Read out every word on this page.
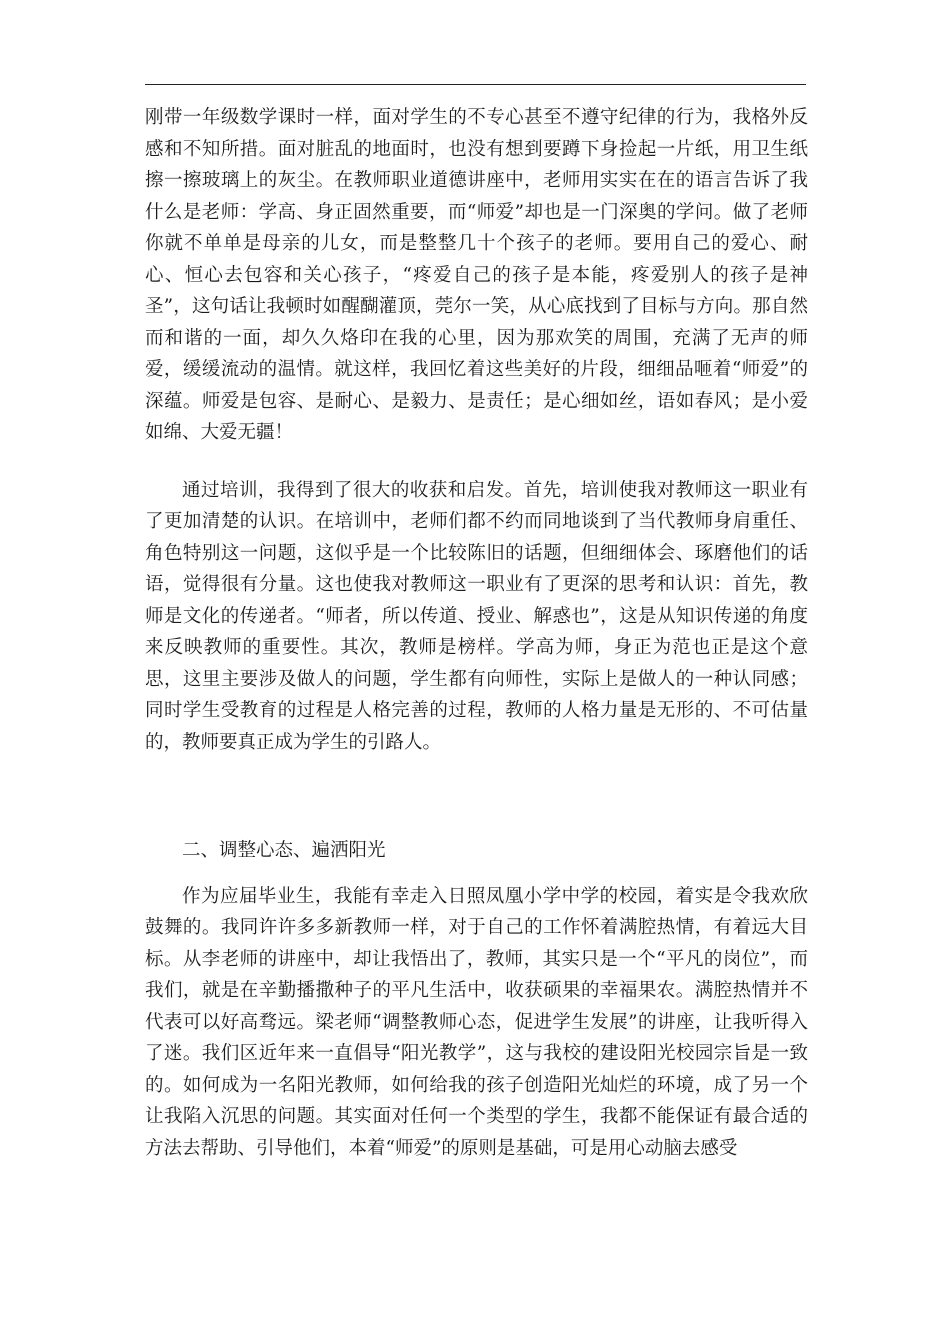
刚带一年级数学课时一样，面对学生的不专心甚至不遵守纪律的行为，我格外反感和不知所措。面对脏乱的地面时，也没有想到要蹲下身捡起一片纸，用卫生纸擦一擦玻璃上的灰尘。在教师职业道德讲座中，老师用实实在在的语言告诉了我什么是老师：学高、身正固然重要，而“师爱”却也是一门深奥的学问。做了老师你就不单单是母亲的儿女，而是整整几十个孩子的老师。要用自己的爱心、耐心、恒心去包容和关心孩子，“疼爱自己的孩子是本能，疼爱别人的孩子是神圣”，这句话让我顿时如醒醐灌顶，莞尔一笑，从心底找到了目标与方向。那自然而和谐的一面，却久久烙印在我的心里，因为那欢笑的周围，充满了无声的师爱，缓缓流动的温情。就这样，我回忆着这些美好的片段，细细品咂着“师爱”的深蕴。师爱是包容、是耐心、是毅力、是责任；是心细如丝，语如春风；是小爱如绵、大爱无疆！

通过培训，我得到了很大的收获和启发。首先，培训使我对教师这一职业有了更加清楚的认识。在培训中，老师们都不约而同地谈到了当代教师身肩重任、角色特别这一问题，这似乎是一个比较陈旧的话题，但细细体会、琢磨他们的话语，觉得很有分量。这也使我对教师这一职业有了更深的思考和认识：首先，教师是文化的传递者。“师者，所以传道、授业、解惑也”，这是从知识传递的角度来反映教师的重要性。其次，教师是榜样。学高为师，身正为范也正是这个意思，这里主要涉及做人的问题，学生都有向师性，实际上是做人的一种认同感；同时学生受教育的过程是人格完善的过程，教师的人格力量是无形的、不可估量的，教师要真正成为学生的引路人。

二、调整心态、遍洒阳光

作为应届毕业生，我能有幸走入日照凤凰小学中学的校园，着实是令我欢欣鼓舞的。我同许许多多新教师一样，对于自己的工作怀着满腔热情，有着远大目标。从李老师的讲座中，却让我悟出了，教师，其实只是一个“平凡的岗位”，而我们，就是在辛勤播撒种子的平凡生活中，收获硕果的幸福果农。满腔热情并不代表可以好高骛远。梁老师“调整教师心态，促进学生发展”的讲座，让我听得入了迷。我们区近年来一直倡导“阳光教学”，这与我校的建设阳光校园宗旨是一致的。如何成为一名阳光教师，如何给我的孩子创造阳光灿烂的环境，成了另一个让我陷入沉思的问题。其实面对任何一个类型的学生，我都不能保证有最合适的方法去帮助、引导他们，本着“师爱”的原则是基础，可是用心动脑去感受
